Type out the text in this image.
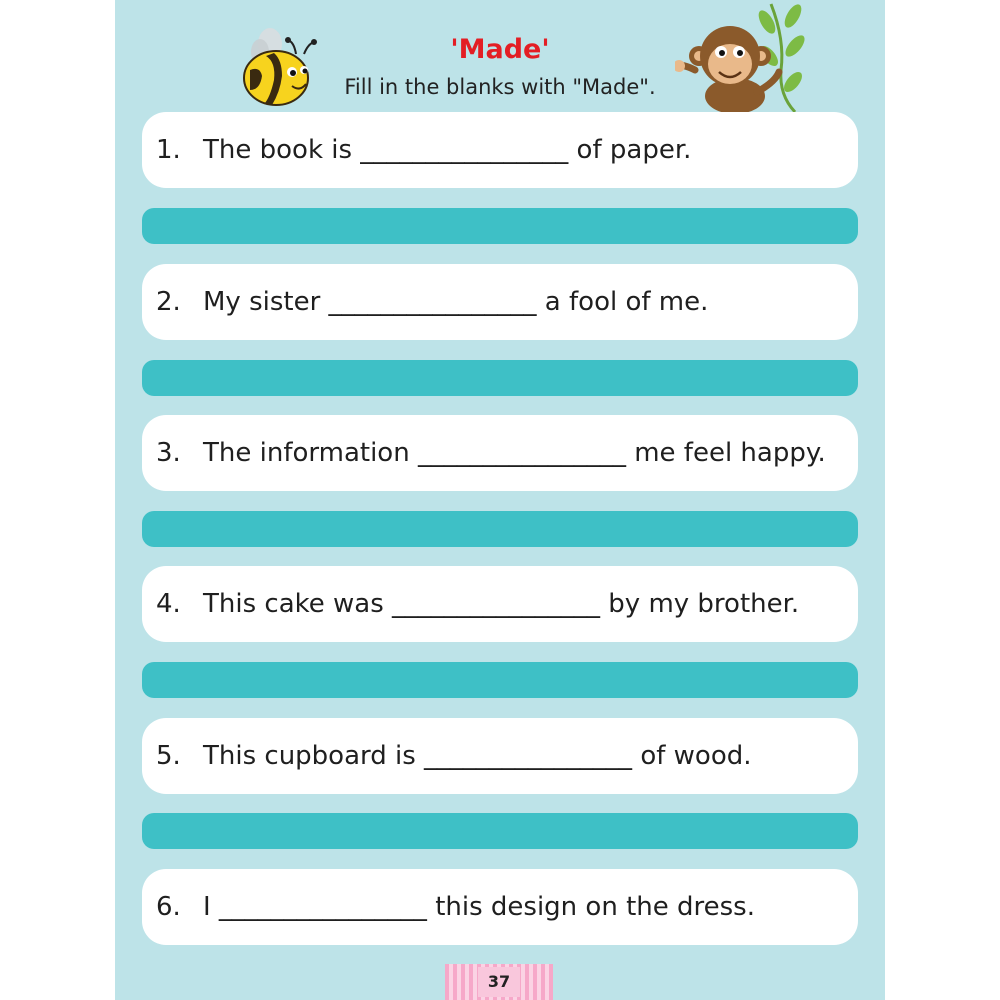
'Made'

Fill in the blanks with "Made".

1. The book is ________________ of paper.
2. My sister ________________ a fool of me.
3. The information ________________ me feel happy.
4. This cake was ________________ by my brother.
5. This cupboard is ________________ of wood.
6. I ________________ this design on the dress.
37
